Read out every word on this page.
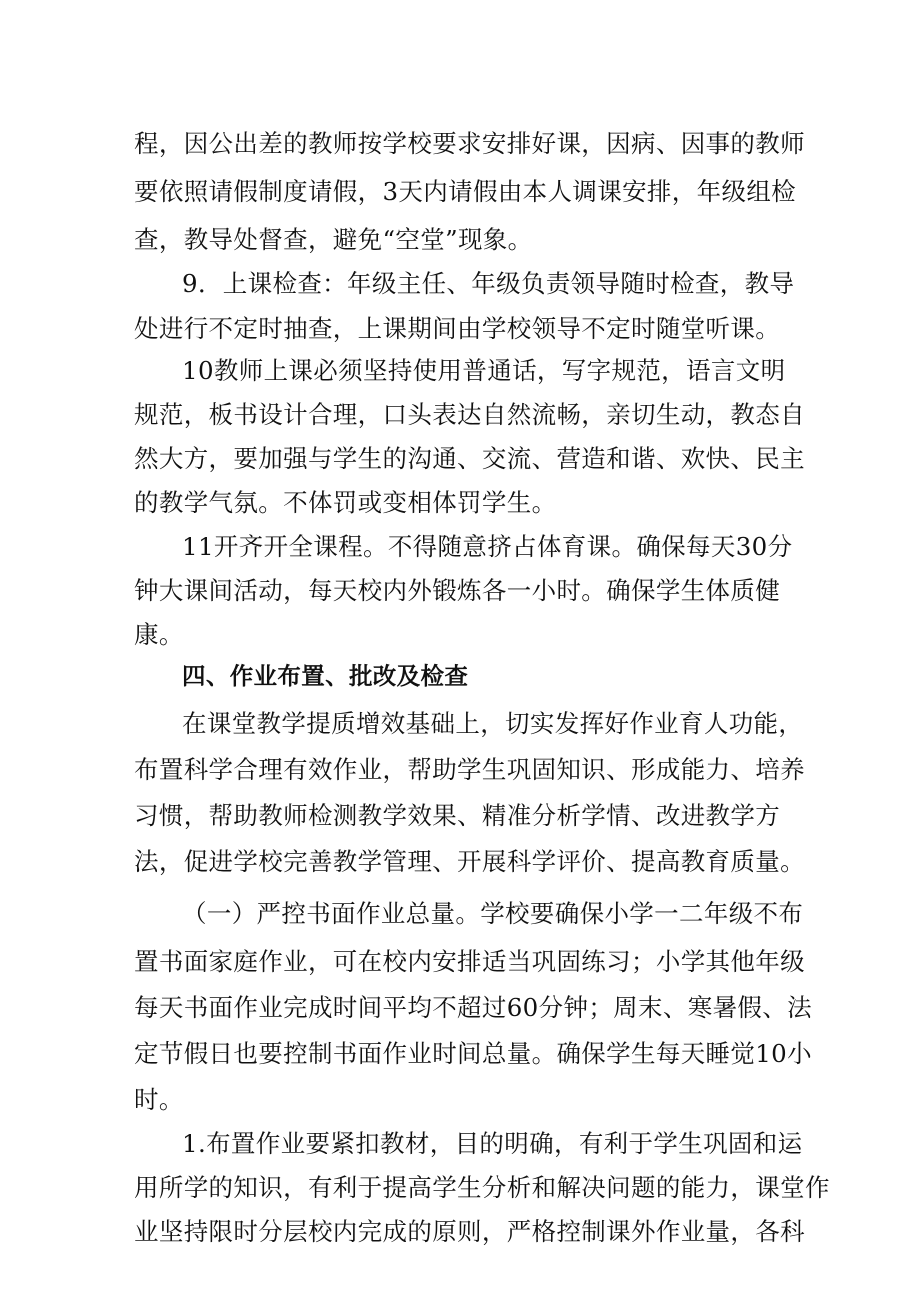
程，因公出差的教师按学校要求安排好课，因病、因事的教师
要依照请假制度请假，3天内请假由本人调课安排，年级组检
查，教导处督查，避免“空堂”现象。
9．上课检查：年级主任、年级负责领导随时检查，教导
处进行不定时抽查，上课期间由学校领导不定时随堂听课。
10教师上课必须坚持使用普通话，写字规范，语言文明
规范，板书设计合理，口头表达自然流畅，亲切生动，教态自
然大方，要加强与学生的沟通、交流、营造和谐、欢快、民主
的教学气氛。不体罚或变相体罚学生。
11开齐开全课程。不得随意挤占体育课。确保每天30分
钟大课间活动，每天校内外锻炼各一小时。确保学生体质健
康。
四、作业布置、批改及检查
在课堂教学提质增效基础上，切实发挥好作业育人功能，
布置科学合理有效作业，帮助学生巩固知识、形成能力、培养
习惯，帮助教师检测教学效果、精准分析学情、改进教学方
法，促进学校完善教学管理、开展科学评价、提高教育质量。
（一）严控书面作业总量。学校要确保小学一二年级不布
置书面家庭作业，可在校内安排适当巩固练习；小学其他年级
每天书面作业完成时间平均不超过60分钟；周末、寒暑假、法
定节假日也要控制书面作业时间总量。确保学生每天睡觉10小
时。
1.布置作业要紧扣教材，目的明确，有利于学生巩固和运
用所学的知识，有利于提高学生分析和解决问题的能力，课堂作
业坚持限时分层校内完成的原则，严格控制课外作业量，各科
